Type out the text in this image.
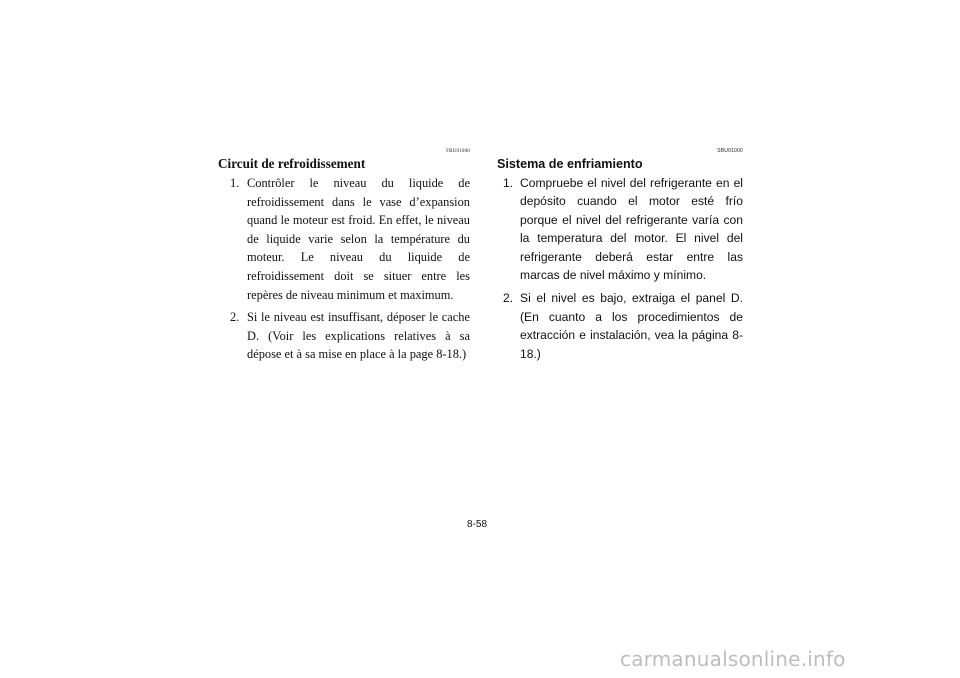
FBU01000
Circuit de refroidissement
1. Contrôler le niveau du liquide de refroidissement dans le vase d’expansion quand le moteur est froid. En effet, le niveau de liquide varie selon la température du moteur. Le niveau du liquide de refroidissement doit se situer entre les repères de niveau minimum et maximum.
2. Si le niveau est insuffisant, déposer le cache D. (Voir les explications relatives à sa dépose et à sa mise en place à la page 8-18.)
SBU01000
Sistema de enfriamiento
1. Compruebe el nivel del refrigerante en el depósito cuando el motor esté frío porque el nivel del refrigerante varía con la temperatura del motor. El nivel del refrigerante deberá estar entre las marcas de nivel máximo y mínimo.
2. Si el nivel es bajo, extraiga el panel D. (En cuanto a los procedimientos de extracción e instalación, vea la página 8-18.)
8-58
carmanualsonline.info
